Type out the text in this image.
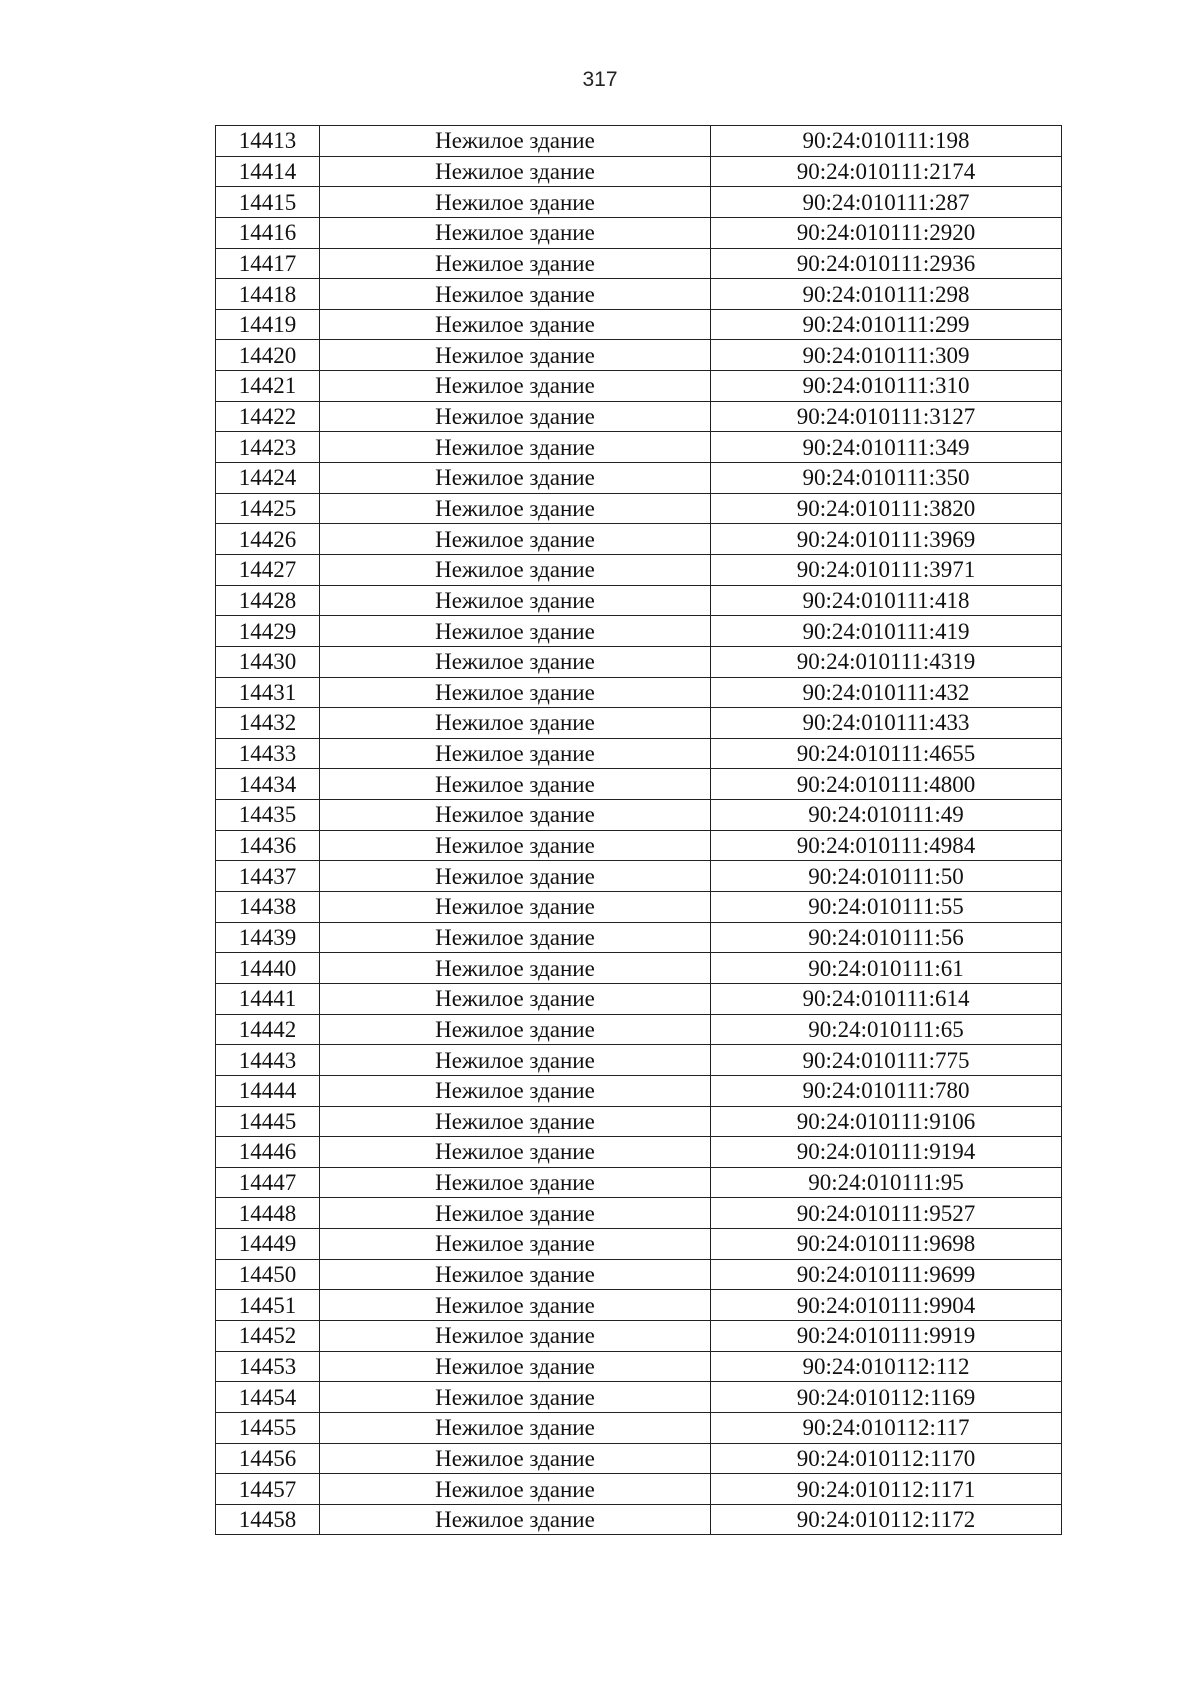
317
14413	Нежилое здание	90:24:010111:198
14414	Нежилое здание	90:24:010111:2174
14415	Нежилое здание	90:24:010111:287
14416	Нежилое здание	90:24:010111:2920
14417	Нежилое здание	90:24:010111:2936
14418	Нежилое здание	90:24:010111:298
14419	Нежилое здание	90:24:010111:299
14420	Нежилое здание	90:24:010111:309
14421	Нежилое здание	90:24:010111:310
14422	Нежилое здание	90:24:010111:3127
14423	Нежилое здание	90:24:010111:349
14424	Нежилое здание	90:24:010111:350
14425	Нежилое здание	90:24:010111:3820
14426	Нежилое здание	90:24:010111:3969
14427	Нежилое здание	90:24:010111:3971
14428	Нежилое здание	90:24:010111:418
14429	Нежилое здание	90:24:010111:419
14430	Нежилое здание	90:24:010111:4319
14431	Нежилое здание	90:24:010111:432
14432	Нежилое здание	90:24:010111:433
14433	Нежилое здание	90:24:010111:4655
14434	Нежилое здание	90:24:010111:4800
14435	Нежилое здание	90:24:010111:49
14436	Нежилое здание	90:24:010111:4984
14437	Нежилое здание	90:24:010111:50
14438	Нежилое здание	90:24:010111:55
14439	Нежилое здание	90:24:010111:56
14440	Нежилое здание	90:24:010111:61
14441	Нежилое здание	90:24:010111:614
14442	Нежилое здание	90:24:010111:65
14443	Нежилое здание	90:24:010111:775
14444	Нежилое здание	90:24:010111:780
14445	Нежилое здание	90:24:010111:9106
14446	Нежилое здание	90:24:010111:9194
14447	Нежилое здание	90:24:010111:95
14448	Нежилое здание	90:24:010111:9527
14449	Нежилое здание	90:24:010111:9698
14450	Нежилое здание	90:24:010111:9699
14451	Нежилое здание	90:24:010111:9904
14452	Нежилое здание	90:24:010111:9919
14453	Нежилое здание	90:24:010112:112
14454	Нежилое здание	90:24:010112:1169
14455	Нежилое здание	90:24:010112:117
14456	Нежилое здание	90:24:010112:1170
14457	Нежилое здание	90:24:010112:1171
14458	Нежилое здание	90:24:010112:1172
